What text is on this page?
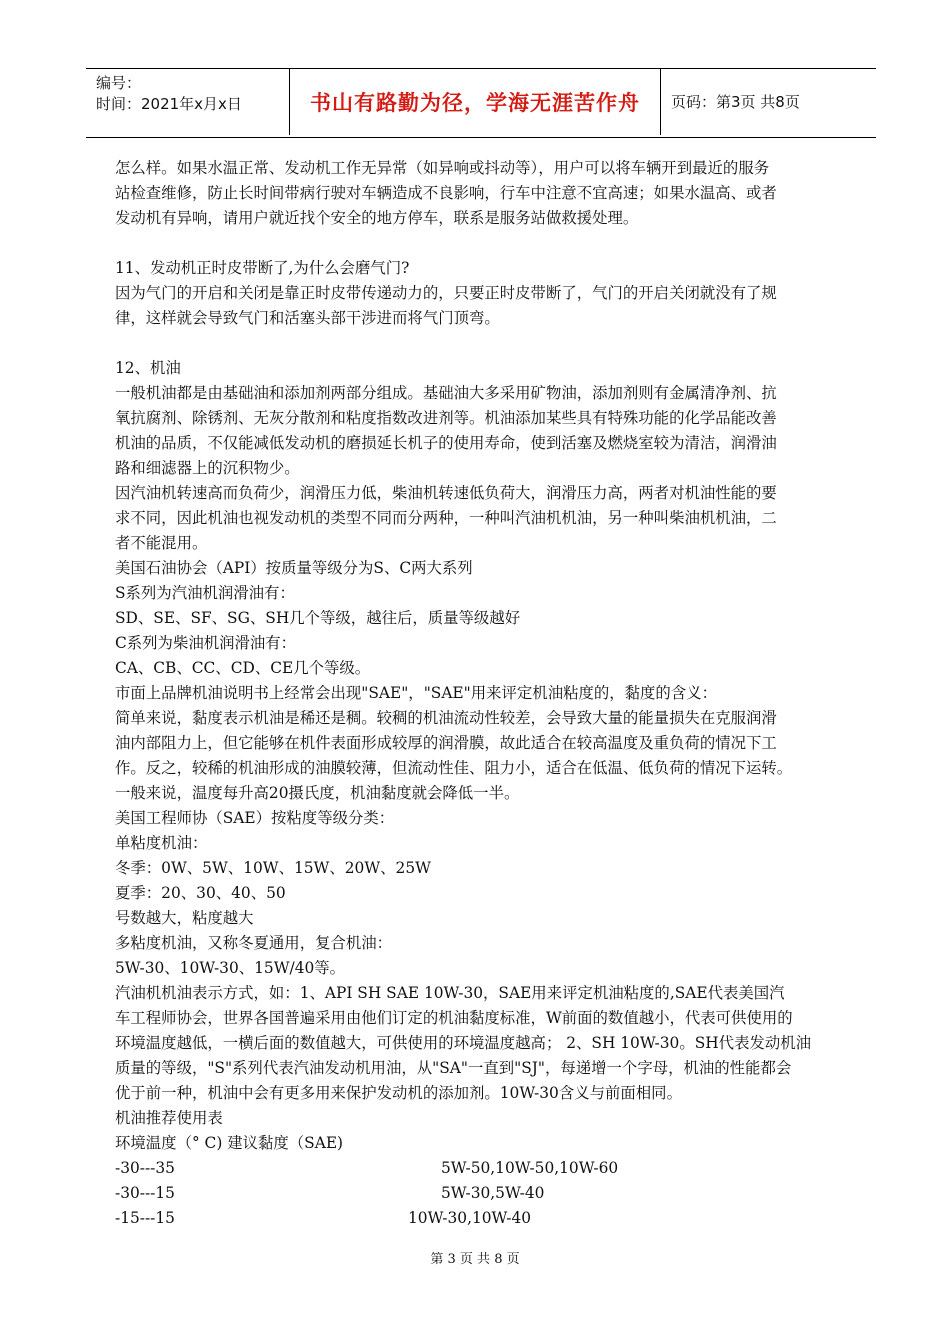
编号：
时间：2021年x月x日	书山有路勤为径，学海无涯苦作舟 页码：第3页 共8页

怎么样。如果水温正常、发动机工作无异常（如异响或抖动等），用户可以将车辆开到最近的服务

站检查维修，防止长时间带病行驶对车辆造成不良影响，行车中注意不宜高速；如果水温高、或者

发动机有异响，请用户就近找个安全的地方停车，联系是服务站做救援处理。

11、发动机正时皮带断了,为什么会磨气门?

因为气门的开启和关闭是靠正时皮带传递动力的，只要正时皮带断了，气门的开启关闭就没有了规

律，这样就会导致气门和活塞头部干涉进而将气门顶弯。

12、机油

一般机油都是由基础油和添加剂两部分组成。基础油大多采用矿物油，添加剂则有金属清净剂、抗

氧抗腐剂、除锈剂、无灰分散剂和粘度指数改进剂等。机油添加某些具有特殊功能的化学品能改善

机油的品质，不仅能减低发动机的磨损延长机子的使用寿命，使到活塞及燃烧室较为清洁，润滑油

路和细滤器上的沉积物少。

因汽油机转速高而负荷少，润滑压力低，柴油机转速低负荷大，润滑压力高，两者对机油性能的要

求不同，因此机油也视发动机的类型不同而分两种，一种叫汽油机机油，另一种叫柴油机机油，二

者不能混用。

美国石油协会（API）按质量等级分为S、C两大系列

S系列为汽油机润滑油有：

SD、SE、SF、SG、SH几个等级，越往后，质量等级越好

C系列为柴油机润滑油有：

CA、CB、CC、CD、CE几个等级。

市面上品牌机油说明书上经常会出现"SAE"，"SAE"用来评定机油粘度的，黏度的含义：

简单来说，黏度表示机油是稀还是稠。较稠的机油流动性较差，会导致大量的能量损失在克服润滑

油内部阻力上，但它能够在机件表面形成较厚的润滑膜，故此适合在较高温度及重负荷的情况下工

作。反之，较稀的机油形成的油膜较薄，但流动性佳、阻力小，适合在低温、低负荷的情况下运转。

一般来说，温度每升高20摄氏度，机油黏度就会降低一半。

美国工程师协（SAE）按粘度等级分类：

单粘度机油：

冬季：0W、5W、10W、15W、20W、25W

夏季：20、30、40、50

号数越大，粘度越大

多粘度机油，又称冬夏通用，复合机油：

5W-30、10W-30、15W/40等。

汽油机机油表示方式，如：1、API SH SAE 10W-30，SAE用来评定机油粘度的,SAE代表美国汽

车工程师协会，世界各国普遍采用由他们订定的机油黏度标准，W前面的数值越小，代表可供使用的

环境温度越低，一横后面的数值越大，可供使用的环境温度越高； 2、SH 10W-30。SH代表发动机油

质量的等级，"S"系列代表汽油发动机用油，从"SA"一直到"SJ"，每递增一个字母，机油的性能都会

优于前一种，机油中会有更多用来保护发动机的添加剂。10W-30含义与前面相同。

机油推荐使用表

环境温度（° C) 建议黏度（SAE)

-30---35	5W-50,10W-50,10W-60
-30---15	5W-30,5W-40
-15---15	10W-30,10W-40
第 3 页 共 8 页
